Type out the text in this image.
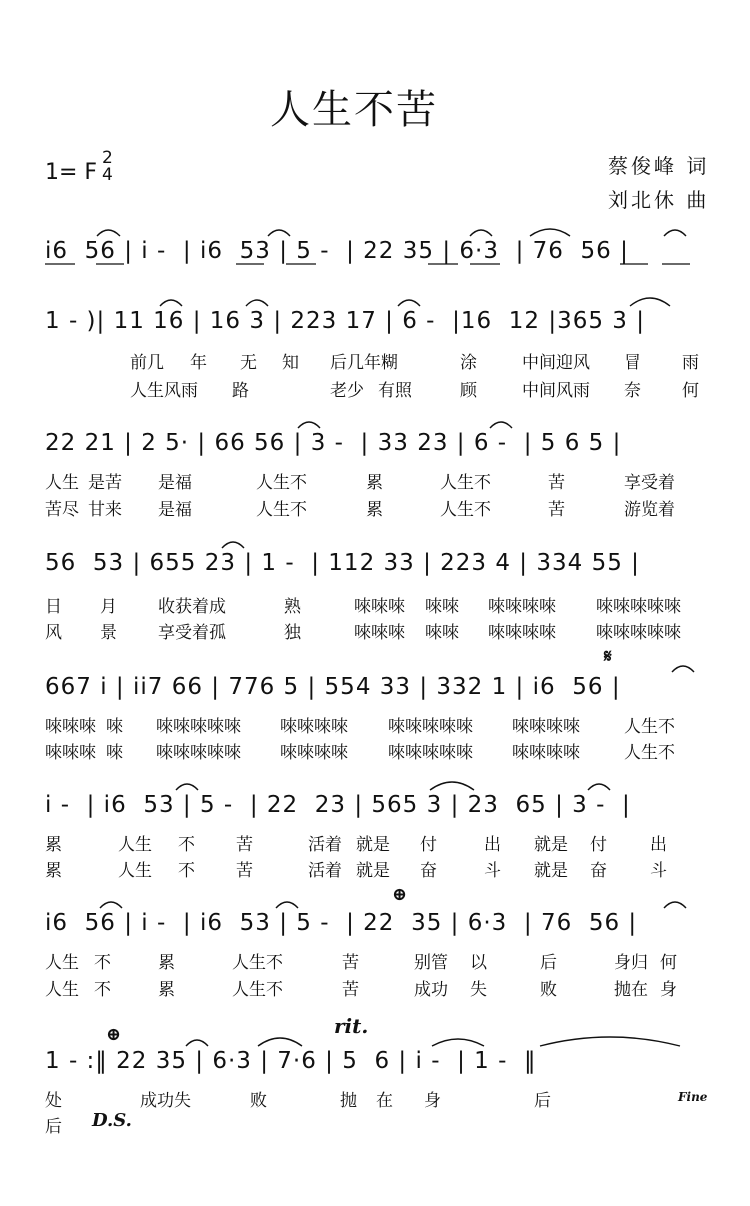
人生不苦
1= F
2
4	蔡俊峰 词
刘北休 曲
i6  56 | i -  | i6  53 | 5 -  | 22 35 | 6·3  | 76  56 |
1 - )| 11 16 | 16 3 | 223 17 | 6 -  |16  12 |365 3 |
前几 年 无 知 后几年糊	涂	中间迎风 冒 雨
人生风雨 路	老少 有照	顾	中间风雨 奈 何
22 21 | 2 5· | 66 56 | 3 -  | 33 23 | 6 -  | 5 6 5 |
人生 是苦 是福	人生不	累	人生不	苦	享受着
苦尽 甘来 是福	人生不	累	人生不	苦	游览着
56  53 | 655 23 | 1 -  | 112 33 | 223 4 | 334 55 |
日 月 收获着成	熟	唻唻唻 唻唻 唻唻唻唻 唻唻唻唻唻
风 景 享受着孤	独	唻唻唻 唻唻 唻唻唻唻 唻唻唻唻唻
𝄋
667 i | ii7 66 | 776 5 | 554 33 | 332 1 | i6  56 |
唻唻唻 唻 唻唻唻唻唻 唻唻唻唻 唻唻唻唻唻 唻唻唻唻	人生不
唻唻唻 唻 唻唻唻唻唻 唻唻唻唻 唻唻唻唻唻 唻唻唻唻	人生不
i -  | i6  53 | 5 -  | 22  23 | 565 3 | 23  65 | 3 -  |
累	人生 不 苦	活着 就是 付	出 就是 付	出
累	人生 不 苦	活着 就是 奋	斗 就是 奋	斗
⊕
i6  56 | i -  | i6  53 | 5 -  | 22  35 | 6·3  | 76  56 |
人生 不	累	人生不	苦	别管 以	后	身归 何
人生 不	累	人生不	苦	成功 失	败	抛在 身
rit.
⊕
1 - :‖ 22 35 | 6·3 | 7·6 | 5  6 | i -  | 1 -  ‖
处	成功失	败	抛 在 身	后	Fine
后 D.S.
